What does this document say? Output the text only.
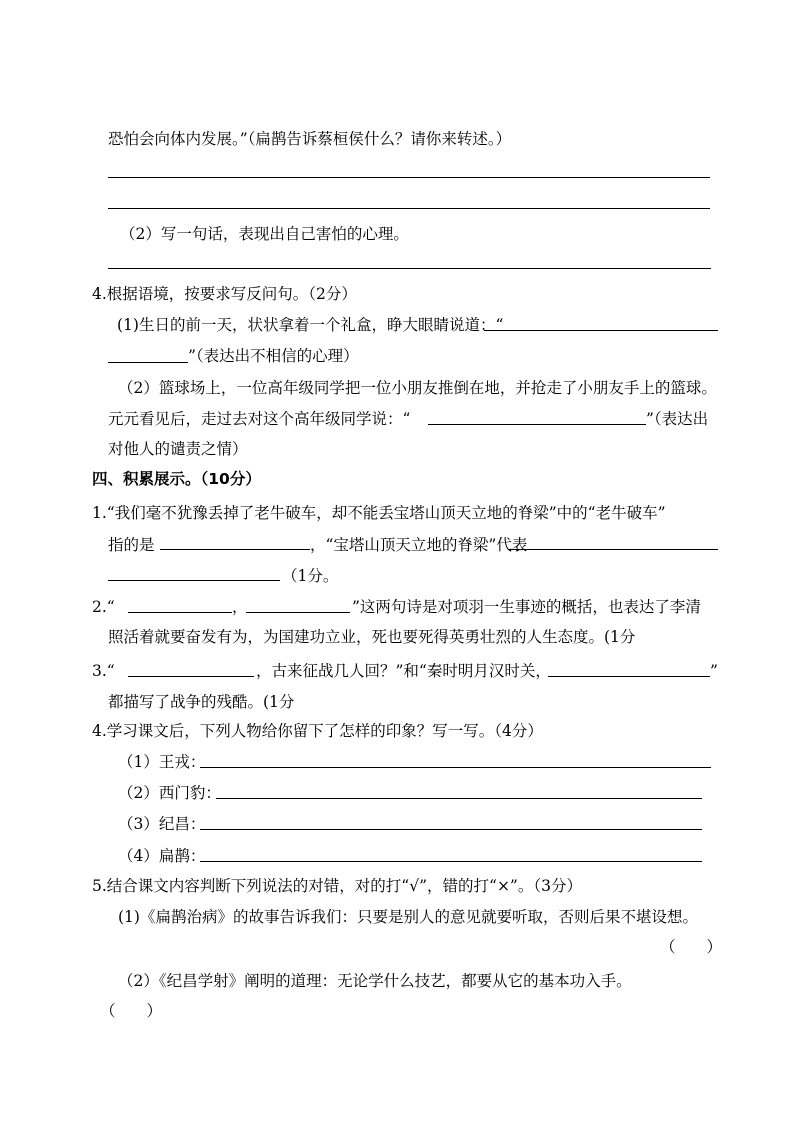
恐怕会向体内发展。”（扁鹊告诉蔡桓侯什么？请你来转述。）
（2）写一句话，表现出自己害怕的心理。
4.根据语境，按要求写反问句。（2分）
(1)生日的前一天，状状拿着一个礼盒，睁大眼睛说道：“
”（表达出不相信的心理）
（2）篮球场上，一位高年级同学把一位小朋友推倒在地，并抢走了小朋友手上的篮球。
元元看见后，走过去对这个高年级同学说：“	”（表达出
对他人的谴责之情）
四、积累展示。（10分）
1.“我们毫不犹豫丢掉了老牛破车，却不能丢宝塔山顶天立地的脊梁”中的“老牛破车”
指的是	，“宝塔山顶天立地的脊梁”代表
（1分。
2.“	，	”这两句诗是对项羽一生事迹的概括，也表达了李清
照活着就要奋发有为，为国建功立业，死也要死得英勇壮烈的人生态度。(1分
3.“	，古来征战几人回？”和“秦时明月汉时关，	”
都描写了战争的残酷。(1分
4.学习课文后，下列人物给你留下了怎样的印象？写一写。（4分）
（1）王戎：
（2）西门豹：
（3）纪昌：
（4）扁鹊：
5.结合课文内容判断下列说法的对错，对的打“√”，错的打“×”。（3分）
(1)《扁鹊治病》的故事告诉我们：只要是别人的意见就要听取，否则后果不堪设想。
（　　）
（2）《纪昌学射》阐明的道理：无论学什么技艺，都要从它的基本功入手。
（　　）
